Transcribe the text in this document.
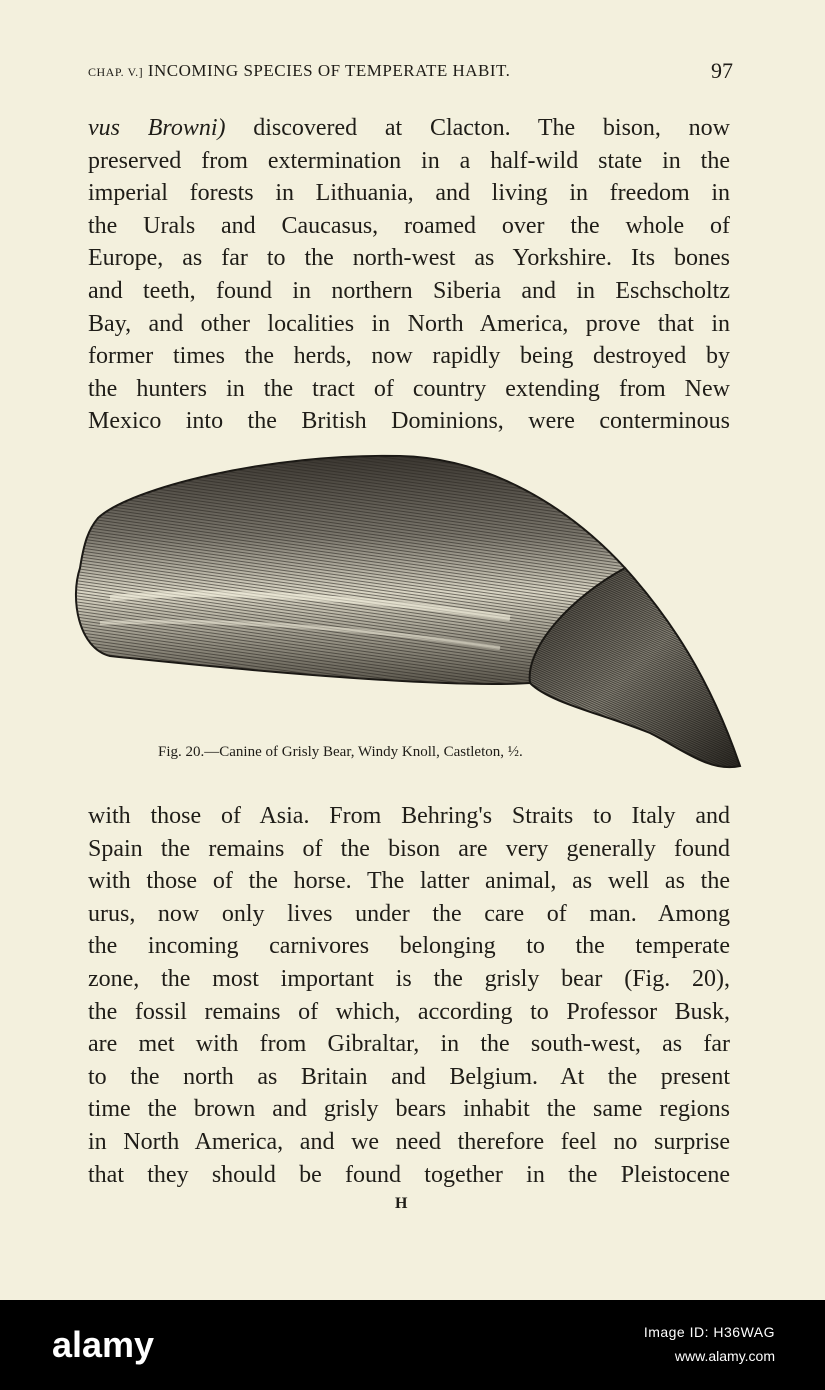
CHAP. V.] INCOMING SPECIES OF TEMPERATE HABIT.	97
vus Browni) discovered at Clacton. The bison, now
preserved from extermination in a half-wild state in the
imperial forests in Lithuania, and living in freedom in
the Urals and Caucasus, roamed over the whole of
Europe, as far to the north-west as Yorkshire. Its bones
and teeth, found in northern Siberia and in Eschscholtz
Bay, and other localities in North America, prove that in
former times the herds, now rapidly being destroyed by
the hunters in the tract of country extending from New
Mexico into the British Dominions, were conterminous
Fig. 20.—Canine of Grisly Bear, Windy Knoll, Castleton, ½.
with those of Asia. From Behring's Straits to Italy and
Spain the remains of the bison are very generally found
with those of the horse. The latter animal, as well as the
urus, now only lives under the care of man. Among
the incoming carnivores belonging to the temperate
zone, the most important is the grisly bear (Fig. 20),
the fossil remains of which, according to Professor Busk,
are met with from Gibraltar, in the south-west, as far
to the north as Britain and Belgium. At the present
time the brown and grisly bears inhabit the same regions
in North America, and we need therefore feel no surprise
that they should be found together in the Pleistocene
H
alamy	Image ID: H36WAG
www.alamy.com
